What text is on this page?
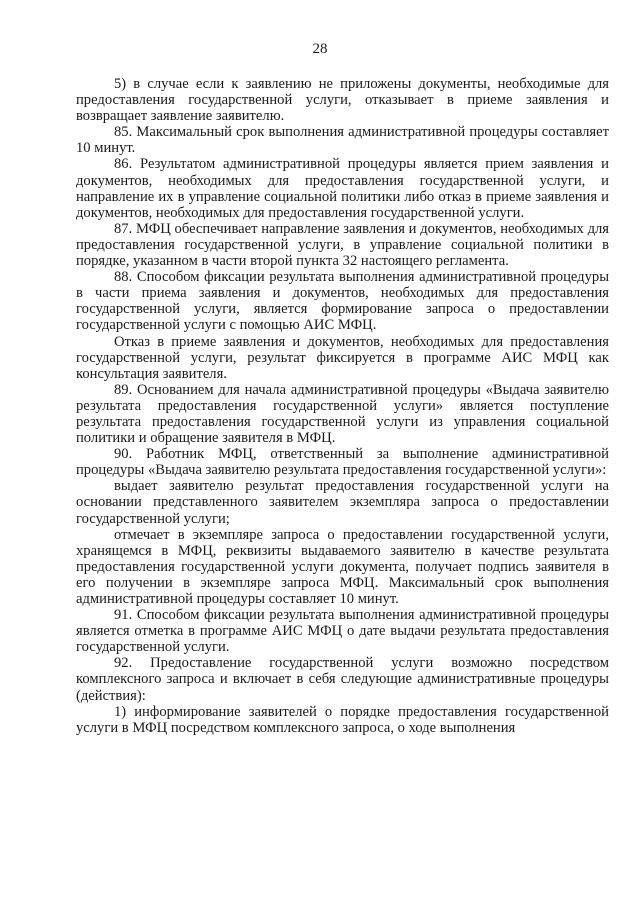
28

5) в случае если к заявлению не приложены документы, необходимые для предоставления государственной услуги, отказывает в приеме заявления и возвращает заявление заявителю.

85. Максимальный срок выполнения административной процедуры составляет 10 минут.

86. Результатом административной процедуры является прием заявления и документов, необходимых для предоставления государственной услуги, и направление их в управление социальной политики либо отказ в приеме заявления и документов, необходимых для предоставления государственной услуги.

87. МФЦ обеспечивает направление заявления и документов, необходимых для предоставления государственной услуги, в управление социальной политики в порядке, указанном в части второй пункта 32 настоящего регламента.

88. Способом фиксации результата выполнения административной процедуры в части приема заявления и документов, необходимых для предоставления государственной услуги, является формирование запроса о предоставлении государственной услуги с помощью АИС МФЦ.

Отказ в приеме заявления и документов, необходимых для предоставления государственной услуги, результат фиксируется в программе АИС МФЦ как консультация заявителя.

89. Основанием для начала административной процедуры «Выдача заявителю результата предоставления государственной услуги» является поступление результата предоставления государственной услуги из управления социальной политики и обращение заявителя в МФЦ.

90. Работник МФЦ, ответственный за выполнение административной процедуры «Выдача заявителю результата предоставления государственной услуги»:

выдает заявителю результат предоставления государственной услуги на основании представленного заявителем экземпляра запроса о предоставлении государственной услуги;

отмечает в экземпляре запроса о предоставлении государственной услуги, хранящемся в МФЦ, реквизиты выдаваемого заявителю в качестве результата предоставления государственной услуги документа, получает подпись заявителя в его получении в экземпляре запроса МФЦ. Максимальный срок выполнения административной процедуры составляет 10 минут.

91. Способом фиксации результата выполнения административной процедуры является отметка в программе АИС МФЦ о дате выдачи результата предоставления государственной услуги.

92. Предоставление государственной услуги возможно посредством комплексного запроса и включает в себя следующие административные процедуры (действия):

1) информирование заявителей о порядке предоставления государственной услуги в МФЦ посредством комплексного запроса, о ходе выполнения
